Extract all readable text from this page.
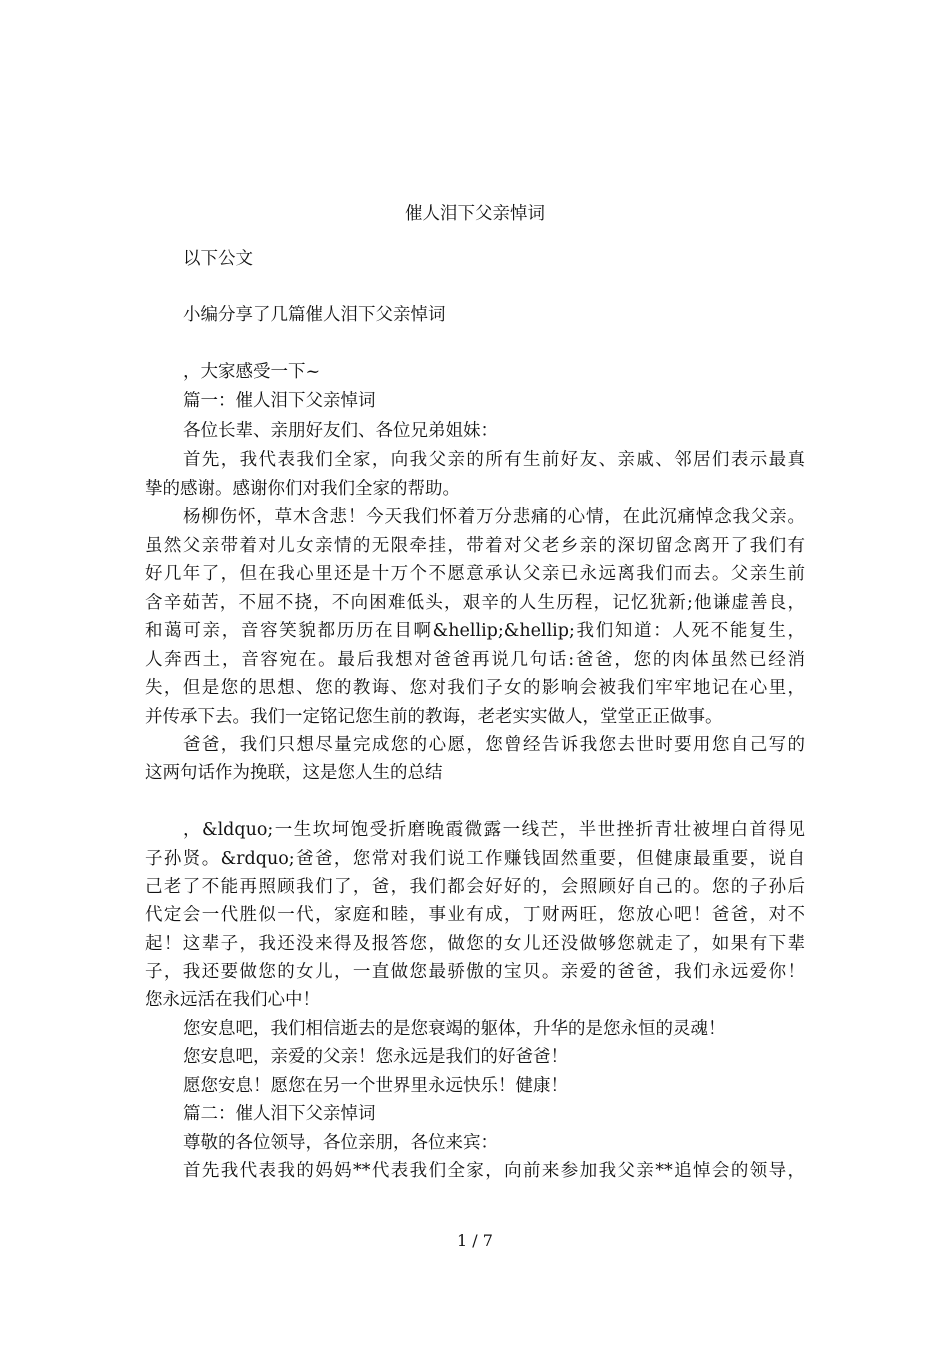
催人泪下父亲悼词
以下公文
小编分享了几篇催人泪下父亲悼词
，大家感受一下~
篇一：催人泪下父亲悼词
各位长辈、亲朋好友们、各位兄弟姐妹：
首先，我代表我们全家，向我父亲的所有生前好友、亲戚、邻居们表示最真
挚的感谢。感谢你们对我们全家的帮助。
杨柳伤怀，草木含悲！今天我们怀着万分悲痛的心情，在此沉痛悼念我父亲。
虽然父亲带着对儿女亲情的无限牵挂，带着对父老乡亲的深切留念离开了我们有
好几年了，但在我心里还是十万个不愿意承认父亲已永远离我们而去。父亲生前
含辛茹苦，不屈不挠，不向困难低头，艰辛的人生历程，记忆犹新;他谦虚善良，
和蔼可亲，音容笑貌都历历在目啊&hellip;&hellip;我们知道：人死不能复生，
人奔西土，音容宛在。最后我想对爸爸再说几句话:爸爸，您的肉体虽然已经消
失，但是您的思想、您的教诲、您对我们子女的影响会被我们牢牢地记在心里，
并传承下去。我们一定铭记您生前的教诲，老老实实做人，堂堂正正做事。
爸爸，我们只想尽量完成您的心愿，您曾经告诉我您去世时要用您自己写的
这两句话作为挽联，这是您人生的总结
，&ldquo;一生坎坷饱受折磨晚霞微露一线芒，半世挫折青壮被埋白首得见
子孙贤。&rdquo;爸爸，您常对我们说工作赚钱固然重要，但健康最重要，说自
己老了不能再照顾我们了，爸，我们都会好好的，会照顾好自己的。您的子孙后
代定会一代胜似一代，家庭和睦，事业有成，丁财两旺，您放心吧！爸爸，对不
起！这辈子，我还没来得及报答您，做您的女儿还没做够您就走了，如果有下辈
子，我还要做您的女儿，一直做您最骄傲的宝贝。亲爱的爸爸，我们永远爱你！
您永远活在我们心中！
您安息吧，我们相信逝去的是您衰竭的躯体，升华的是您永恒的灵魂！
您安息吧，亲爱的父亲！您永远是我们的好爸爸！
愿您安息！愿您在另一个世界里永远快乐！健康！
篇二：催人泪下父亲悼词
尊敬的各位领导，各位亲朋，各位来宾：
首先我代表我的妈妈**代表我们全家，向前来参加我父亲**追悼会的领导，
1 / 7
